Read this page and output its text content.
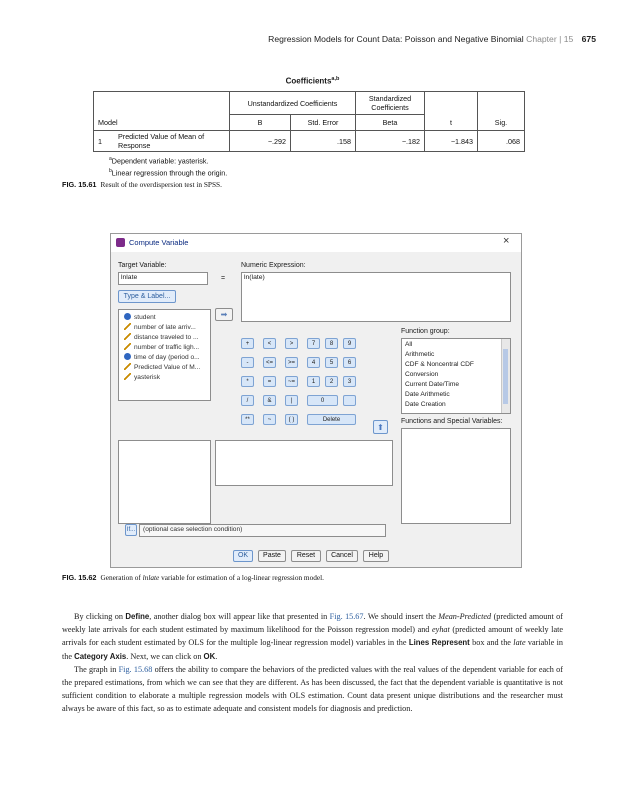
Regression Models for Count Data: Poisson and Negative Binomial Chapter | 15 675
Coefficients$^{a,b}$
		Unstandardized Coefficients		Standardized Coefficients		
Model		B	Std. Error	Beta	t	Sig.
1	Predicted Value of Mean of Response	−.292	.158	−.182	−1.843	.068
$^a$Dependent variable: yasterisk.
$^b$Linear regression through the origin.
FIG. 15.61 Result of the overdispersion test in SPSS.
Compute Variable	×
Target Variable:
lnlate	=
Numeric Expression:
ln(late)
Type & Label...
student
number of late arriv...
distance traveled to ...
number of traffic ligh...
time of day (period o...
Predicted Value of M...
yasterisk
➡
+	<	>	7	8	9
-	<=	>=	4	5	6
*	=	~=	1	2	3
/	&	|	0
**	~	( )	Delete
⬆
Function group:
All
Arithmetic
CDF & Noncentral CDF
Conversion
Current Date/Time
Date Arithmetic
Date Creation
Functions and Special Variables:
If... (optional case selection condition)
OK	Paste	Reset	Cancel	Help
FIG. 15.62 Generation of lnlate variable for estimation of a log-linear regression model.

By clicking on Define, another dialog box will appear like that presented in Fig. 15.67. We should insert the Mean-Predicted (predicted amount of weekly late arrivals for each student estimated by maximum likelihood for the Poisson regression model) and eyhat (predicted amount of weekly late arrivals for each student estimated by OLS for the multiple log-linear regression model) variables in the Lines Represent box and the late variable in the Category Axis. Next, we can click on OK.

The graph in Fig. 15.68 offers the ability to compare the behaviors of the predicted values with the real values of the dependent variable for each of the prepared estimations, from which we can see that they are different. As has been discussed, the fact that the dependent variable is quantitative is not sufficient condition to elaborate a multiple regression models with OLS estimation. Count data present unique distributions and the researcher must always be aware of this fact, so as to estimate adequate and consistent models for diagnosis and prediction.
